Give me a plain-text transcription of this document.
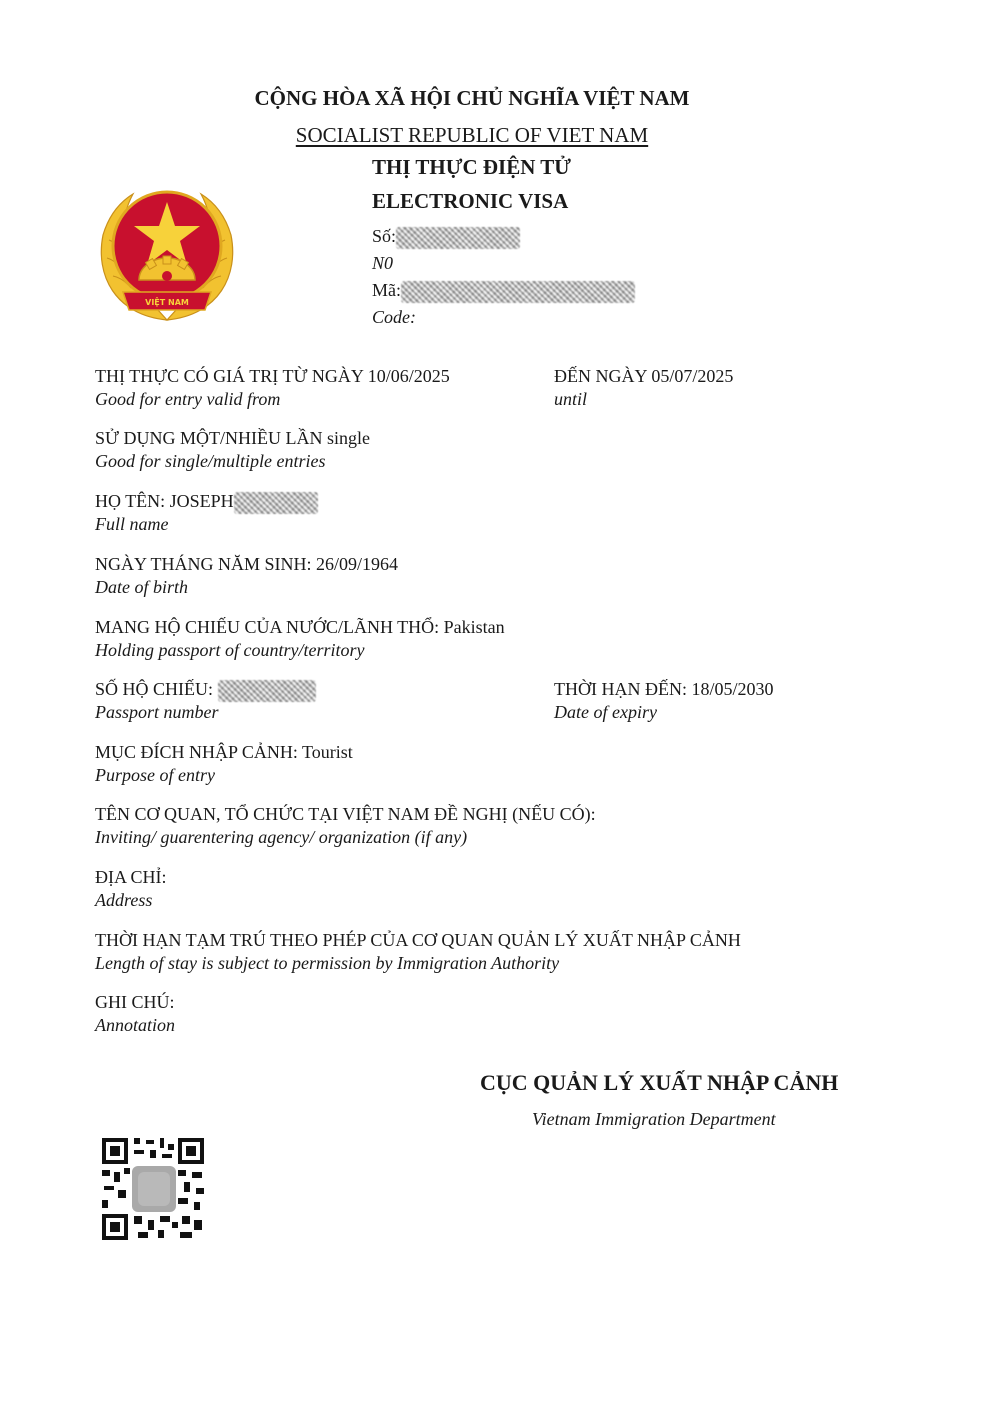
CỘNG HÒA XÃ HỘI CHỦ NGHĨA VIỆT NAM
SOCIALIST REPUBLIC OF VIET NAM
THỊ THỰC ĐIỆN TỬ
ELECTRONIC VISA
Số:
N0
Mã:
Code:
VIỆT NAM
THỊ THỰC CÓ GIÁ TRỊ TỪ NGÀY 10/06/2025
Good for entry valid from
ĐẾN NGÀY 05/07/2025
until
SỬ DỤNG MỘT/NHIỀU LẦN single
Good for single/multiple entries
HỌ TÊN: JOSEPH
Full name
NGÀY THÁNG NĂM SINH: 26/09/1964
Date of birth
MANG HỘ CHIẾU CỦA NƯỚC/LÃNH THỔ: Pakistan
Holding passport of country/territory
SỐ HỘ CHIẾU:
Passport number
THỜI HẠN ĐẾN: 18/05/2030
Date of expiry
MỤC ĐÍCH NHẬP CẢNH: Tourist
Purpose of entry
TÊN CƠ QUAN, TỔ CHỨC TẠI VIỆT NAM ĐỀ NGHỊ (NẾU CÓ):
Inviting/ guarentering agency/ organization (if any)
ĐỊA CHỈ:
Address
THỜI HẠN TẠM TRÚ THEO PHÉP CỦA CƠ QUAN QUẢN LÝ XUẤT NHẬP CẢNH
Length of stay is subject to permission by Immigration Authority
GHI CHÚ:
Annotation
CỤC QUẢN LÝ XUẤT NHẬP CẢNH
Vietnam Immigration Department
